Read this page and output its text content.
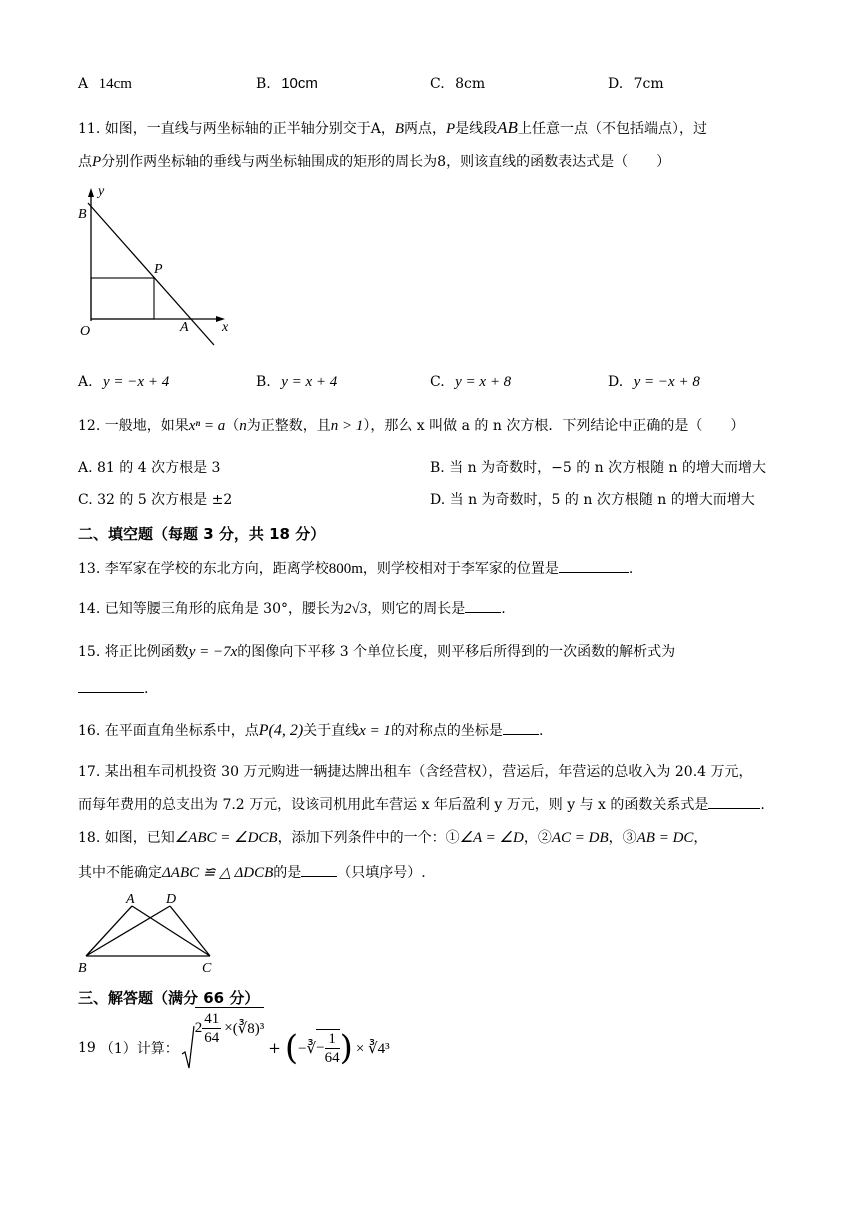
A 14cm	B. 10cm	C. 8cm	D. 7cm
11. 如图，一直线与两坐标轴的正半轴分别交于A，B两点，P是线段AB上任意一点（不包括端点），过
点P分别作两坐标轴的垂线与两坐标轴围成的矩形的周长为8，则该直线的函数表达式是（　　）
y
B
P
O	A x
A. y = −x + 4	B. y = x + 4	C. y = x + 8	D. y = −x + 8
12. 一般地，如果xⁿ = a（n为正整数，且n > 1），那么 x 叫做 a 的 n 次方根．下列结论中正确的是（　　）
A. 81 的 4 次方根是 3	B. 当 n 为奇数时，−5 的 n 次方根随 n 的增大而增大
C. 32 的 5 次方根是 ±2	D. 当 n 为奇数时，5 的 n 次方根随 n 的增大而增大
二、填空题（每题 3 分，共 18 分）
13. 李军家在学校的东北方向，距离学校800m，则学校相对于李军家的位置是	.
14. 已知等腰三角形的底角是 30°，腰长为2√3，则它的周长是	.
15. 将正比例函数y = −7x的图像向下平移 3 个单位长度，则平移后所得到的一次函数的解析式为
.
16. 在平面直角坐标系中，点P(4, 2)关于直线x = 1的对称点的坐标是	.
17. 某出租车司机投资 30 万元购进一辆捷达牌出租车（含经营权），营运后，年营运的总收入为 20.4 万元，
而每年费用的总支出为 7.2 万元，设该司机用此车营运 x 年后盈利 y 万元，则 y 与 x 的函数关系式是	.
18. 如图，已知∠ABC = ∠DCB，添加下列条件中的一个：①∠A = ∠D，②AC = DB，③AB = DC，
其中不能确定ΔABC ≌ △ ΔDCB的是	（只填序号）.
A D
B	C
三、解答题（满分 66 分）
19 （1）计算：
$2 \frac{41}{64}$ × (∛8)³
+ ( −∛ − $\frac{1}{64}$ ) × ∛4³
